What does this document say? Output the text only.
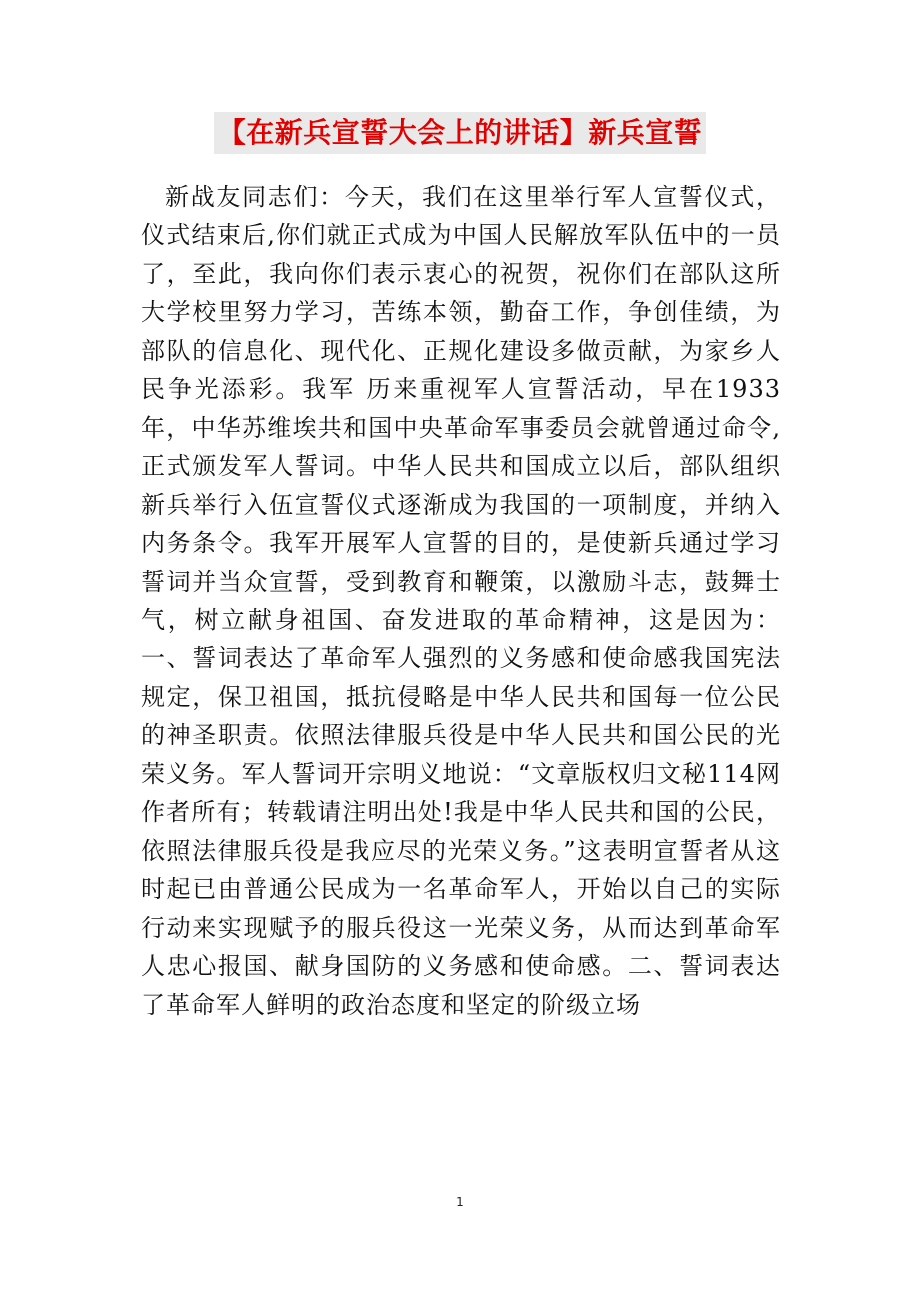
【在新兵宣誓大会上的讲话】新兵宣誓

新战友同志们：今天，我们在这里举行军人宣誓仪式，仪式结束后,你们就正式成为中国人民解放军队伍中的一员了，至此，我向你们表示衷心的祝贺，祝你们在部队这所大学校里努力学习，苦练本领，勤奋工作，争创佳绩，为部队的信息化、现代化、正规化建设多做贡献，为家乡人民争光添彩。我军 历来重视军人宣誓活动，早在1933年，中华苏维埃共和国中央革命军事委员会就曾通过命令,正式颁发军人誓词。中华人民共和国成立以后，部队组织新兵举行入伍宣誓仪式逐渐成为我国的一项制度，并纳入内务条令。我军开展军人宣誓的目的，是使新兵通过学习誓词并当众宣誓，受到教育和鞭策，以激励斗志，鼓舞士气，树立献身祖国、奋发进取的革命精神，这是因为：一、誓词表达了革命军人强烈的义务感和使命感我国宪法规定，保卫祖国，抵抗侵略是中华人民共和国每一位公民的神圣职责。依照法律服兵役是中华人民共和国公民的光荣义务。军人誓词开宗明义地说：“文章版权归文秘114网作者所有；转载请注明出处!我是中华人民共和国的公民，依照法律服兵役是我应尽的光荣义务。”这表明宣誓者从这时起已由普通公民成为一名革命军人，开始以自己的实际行动来实现赋予的服兵役这一光荣义务，从而达到革命军人忠心报国、献身国防的义务感和使命感。二、誓词表达了革命军人鲜明的政治态度和坚定的阶级立场

1
